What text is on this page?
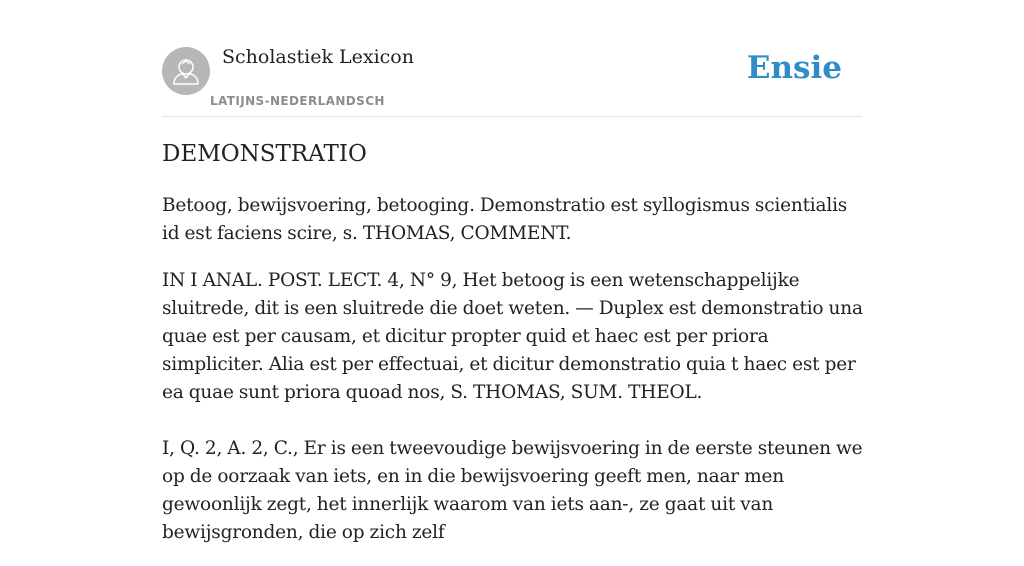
Scholastiek Lexicon
LATIJNS-NEDERLANDSCH
Ensie
DEMONSTRATIO

Betoog, bewijsvoering, betooging. Demonstratio est syllogismus scientialis id est faciens scire, s. THOMAS, COMMENT.

IN I ANAL. POST. LECT. 4, N° 9, Het betoog is een wetenschappelijke sluitrede, dit is een sluitrede die doet weten. — Duplex est demonstratio una quae est per causam, et dicitur propter quid et haec est per priora simpliciter. Alia est per effectuai, et dicitur demonstratio quia t haec est per ea quae sunt priora quoad nos, S. THOMAS, SUM. THEOL.

I, Q. 2, A. 2, C., Er is een tweevoudige bewijsvoering in de eerste steunen we op de oorzaak van iets, en in die bewijsvoering geeft men, naar men gewoonlijk zegt, het innerlijk waarom van iets aan-, ze gaat uit van bewijsgronden, die op zich zelf
